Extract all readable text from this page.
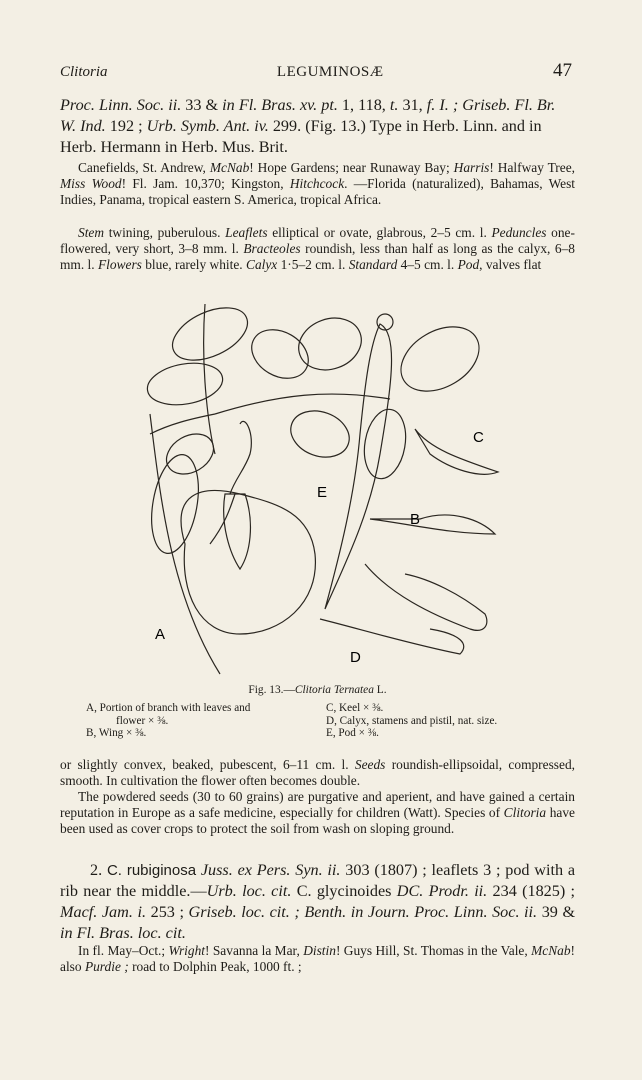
Clitoria	LEGUMINOSÆ	47
Proc. Linn. Soc. ii. 33 & in Fl. Bras. xv. pt. 1, 118, t. 31, f. I. ; Griseb. Fl. Br. W. Ind. 192 ; Urb. Symb. Ant. iv. 299. (Fig. 13.) Type in Herb. Linn. and in Herb. Hermann in Herb. Mus. Brit.
Canefields, St. Andrew, McNab! Hope Gardens; near Runaway Bay; Harris! Halfway Tree, Miss Wood! Fl. Jam. 10,370; Kingston, Hitchcock. —Florida (naturalized), Bahamas, West Indies, Panama, tropical eastern S. America, tropical Africa.
Stem twining, puberulous. Leaflets elliptical or ovate, glabrous, 2–5 cm. l. Peduncles one-flowered, very short, 3–8 mm. l. Bracteoles roundish, less than half as long as the calyx, 6–8 mm. l. Flowers blue, rarely white. Calyx 1·5–2 cm. l. Standard 4–5 cm. l. Pod, valves flat
A
B
C
D
E
Fig. 13.—Clitoria Ternatea L.
A, Portion of branch with leaves and
flower × ⅜.
B, Wing × ⅜.
C, Keel × ⅜.
D, Calyx, stamens and pistil, nat. size.
E, Pod × ⅜.
or slightly convex, beaked, pubescent, 6–11 cm. l. Seeds roundish-ellipsoidal, compressed, smooth. In cultivation the flower often becomes double.
The powdered seeds (30 to 60 grains) are purgative and aperient, and have gained a certain reputation in Europe as a safe medicine, especially for children (Watt). Species of Clitoria have been used as cover crops to protect the soil from wash on sloping ground.
2. C. rubiginosa Juss. ex Pers. Syn. ii. 303 (1807) ; leaflets 3 ; pod with a rib near the middle.—Urb. loc. cit. C. glycinoides DC. Prodr. ii. 234 (1825) ; Macf. Jam. i. 253 ; Griseb. loc. cit. ; Benth. in Journ. Proc. Linn. Soc. ii. 39 & in Fl. Bras. loc. cit.
In fl. May–Oct.; Wright! Savanna la Mar, Distin! Guys Hill, St. Thomas in the Vale, McNab! also Purdie ; road to Dolphin Peak, 1000 ft. ;
